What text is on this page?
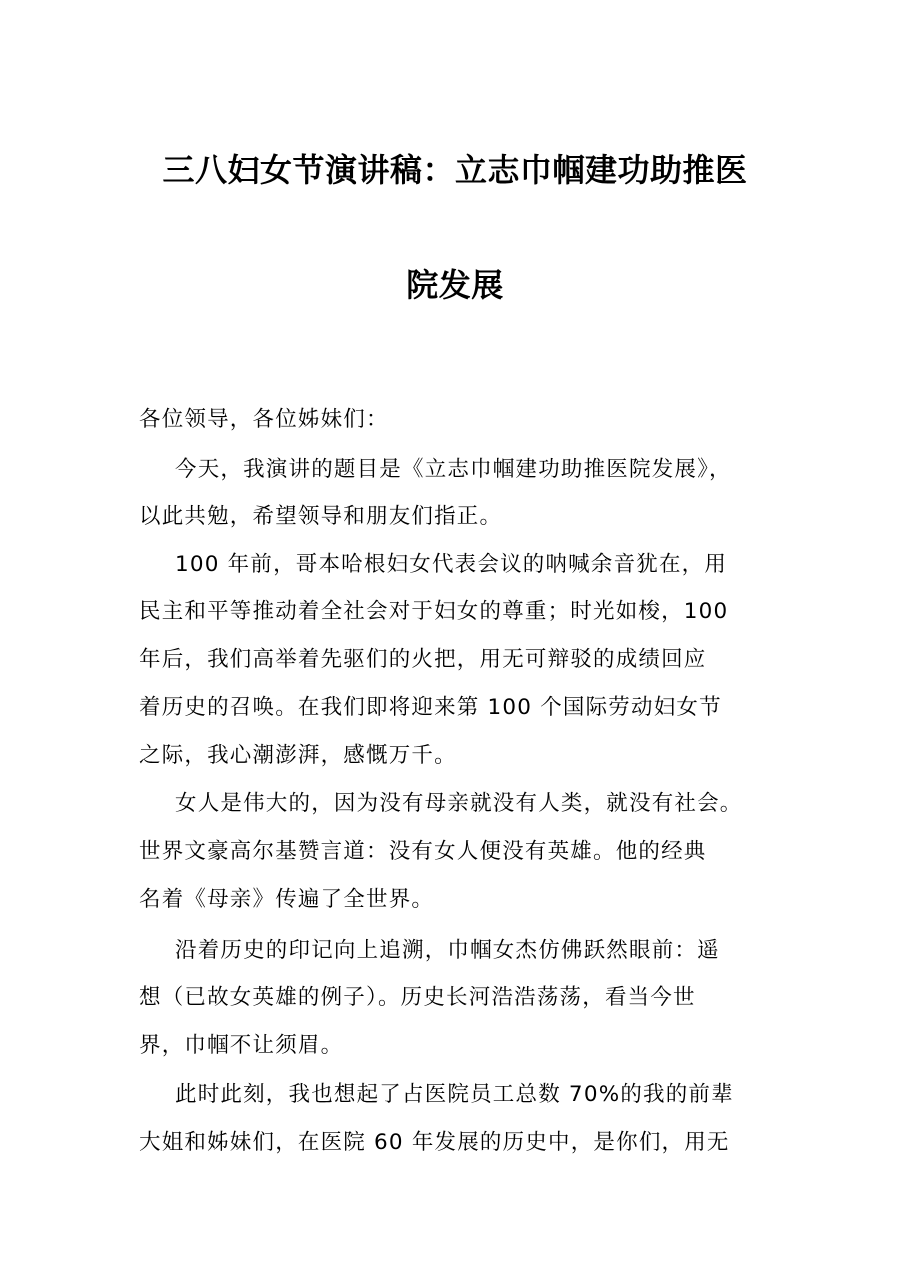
三八妇女节演讲稿：立志巾帼建功助推医
院发展
各位领导，各位姊妹们：
今天，我演讲的题目是《立志巾帼建功助推医院发展》，
以此共勉，希望领导和朋友们指正。
100 年前，哥本哈根妇女代表会议的呐喊余音犹在，用
民主和平等推动着全社会对于妇女的尊重；时光如梭，100
年后，我们高举着先驱们的火把，用无可辩驳的成绩回应
着历史的召唤。在我们即将迎来第 100 个国际劳动妇女节
之际，我心潮澎湃，感慨万千。
女人是伟大的，因为没有母亲就没有人类，就没有社会。
世界文豪高尔基赞言道：没有女人便没有英雄。他的经典
名着《母亲》传遍了全世界。
沿着历史的印记向上追溯，巾帼女杰仿佛跃然眼前：遥
想（已故女英雄的例子）。历史长河浩浩荡荡，看当今世
界，巾帼不让须眉。
此时此刻，我也想起了占医院员工总数 70%的我的前辈
大姐和姊妹们，在医院 60 年发展的历史中，是你们，用无
